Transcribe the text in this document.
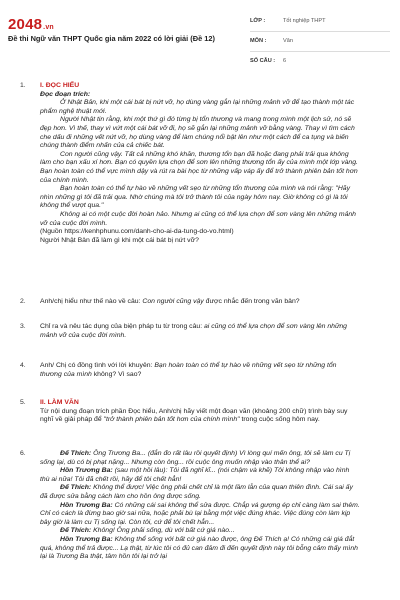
2048.vn
Đề thi Ngữ văn THPT Quốc gia năm 2022 có lời giải (Đề 12)
LỚP :	Tốt nghiệp THPT
MÔN :	Văn
SỐ CÂU :	6
1.	I. ĐỌC HIỂU
Đọc đoạn trích:

Ở Nhật Bản, khi một cái bát bị nứt vỡ, họ dùng vàng gắn lại những mảnh vỡ để tạo thành một tác phẩm nghệ thuật mới.

Người Nhật tin rằng, khi một thứ gì đó từng bị tổn thương và mang trong mình một lịch sử, nó sẽ đẹp hơn. Vì thế, thay vì vứt một cái bát vỡ đi, họ sẽ gắn lại những mảnh vỡ bằng vàng. Thay vì tìm cách che dấu đi những vết nứt vỡ, họ dùng vàng để làm chúng nổi bật lên như một cách để ca tụng và biến chúng thành điểm nhấn của cả chiếc bát.

Con người cũng vậy. Tất cả những khó khăn, thương tổn bạn đã hoặc đang phải trải qua không làm cho bạn xấu xí hơn. Bạn có quyền lựa chọn để sơn lên những thương tổn ấy của mình một lớp vàng. Bạn hoàn toàn có thể vực mình dậy và rút ra bài học từ những vấp váp ấy để trở thành phiên bản tốt hơn của chính mình.

Bạn hoàn toàn có thể tự hào về những vết sẹo từ những tổn thương của mình và nói rằng: "Hãy nhìn những gì tôi đã trải qua. Nhờ chúng mà tôi trở thành tôi của ngày hôm nay. Giờ không có gì là tôi không thể vượt qua."

Không ai có một cuộc đời hoàn hảo. Nhưng ai cũng có thể lựa chọn để sơn vàng lên những mảnh vỡ của cuộc đời mình.

(Nguồn https://kenhphunu.com/danh-cho-ai-da-tung-do-vo.html)

Người Nhật Bản đã làm gì khi một cái bát bị nứt vỡ?

2.	Anh/chị hiểu như thế nào về câu: Con người cũng vậy được nhắc đến trong văn bản?
3.	Chỉ ra và nêu tác dụng của biện pháp tu từ trong câu: ai cũng có thể lựa chọn để sơn vàng lên những mảnh vỡ của cuộc đời mình.
4.	Anh/ Chị có đồng tình với lời khuyên: Bạn hoàn toàn có thể tự hào về những vết sẹo từ những tổn thương của mình không? Vì sao?
5.	II. LÀM VĂN
Từ nội dung đoạn trích phần Đọc hiểu, Anh/chị hãy viết một đoạn văn (khoảng 200 chữ) trình bày suy nghĩ về giải pháp để "trở thành phiên bản tốt hơn của chính mình" trong cuộc sống hôm nay.
6.	Đế Thích: Ông Trương Ba... (đắn đo rất lâu rồi quyết định) Vì lòng quí mến ông, tôi sẽ làm cu Tị sống lại, dù có bị phạt nặng... Nhưng còn ông... rồi cuộc ông muốn nhập vào thân thể ai?

Hồn Trương Ba: (sau một hồi lâu): Tôi đã nghĩ kĩ... (nói chậm và khẽ) Tôi không nhập vào hình thù ai nữa! Tôi đã chết rồi, hãy để tôi chết hẳn!

Đế Thích: Không thể được! Việc ông phải chết chỉ là một lầm lẫn của quan thiên đình. Cái sai ấy đã được sửa bằng cách làm cho hồn ông được sống.

Hồn Trương Ba: Có những cái sai không thể sửa được. Chắp vá gượng ép chỉ càng làm sai thêm. Chỉ có cách là đừng bao giờ sai nữa, hoặc phải bù lại bằng một việc đúng khác. Việc đúng còn làm kịp bây giờ là làm cu Tị sống lại. Còn tôi, cứ để tôi chết hẳn...

Đế Thích: Không! Ông phải sống, dù với bất cứ giá nào...

Hồn Trương Ba: Không thể sống với bất cứ giá nào được, ông Đế Thích ạ! Có những cái giá đắt quá, không thể trả được... Lạ thật, từ lúc tôi có đủ can đảm đi đến quyết định này tôi bỗng cảm thấy mình lại là Trương Ba thật, tâm hồn tôi lại trở lại
